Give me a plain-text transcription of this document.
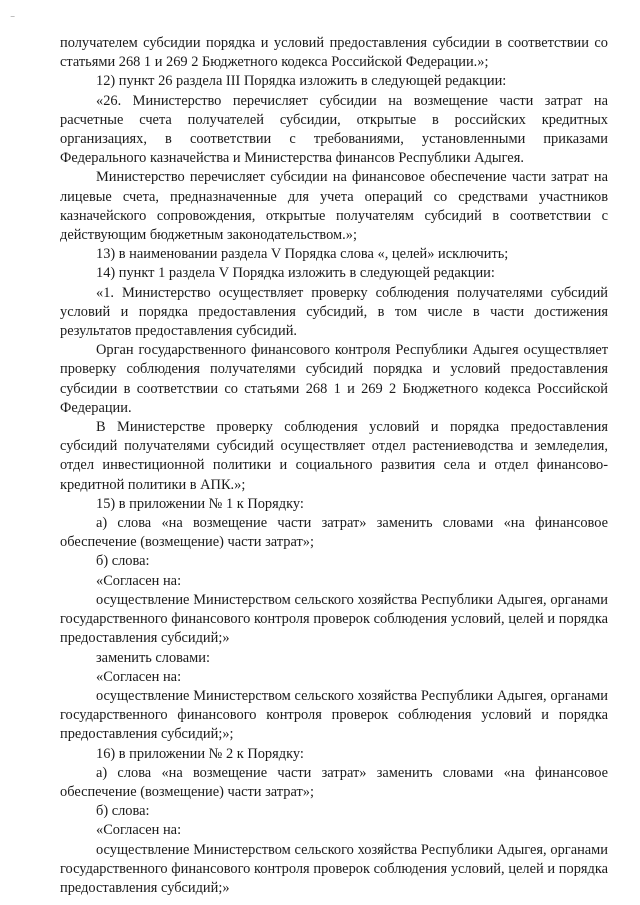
⁻

получателем субсидии порядка и условий предоставления субсидии в соответствии со статьями 268 1 и 269 2 Бюджетного кодекса Российской Федерации.»;

12) пункт 26 раздела III Порядка изложить в следующей редакции:

«26. Министерство перечисляет субсидии на возмещение части затрат на расчетные счета получателей субсидии, открытые в российских кредитных организациях, в соответствии с требованиями, установленными приказами Федерального казначейства и Министерства финансов Республики Адыгея.

Министерство перечисляет субсидии на финансовое обеспечение части затрат на лицевые счета, предназначенные для учета операций со средствами участников казначейского сопровождения, открытые получателям субсидий в соответствии с действующим бюджетным законодательством.»;

13) в наименовании раздела V Порядка слова «, целей» исключить;

14) пункт 1 раздела V Порядка изложить в следующей редакции:

«1. Министерство осуществляет проверку соблюдения получателями субсидий условий и порядка предоставления субсидий, в том числе в части достижения результатов предоставления субсидий.

Орган государственного финансового контроля Республики Адыгея осуществляет проверку соблюдения получателями субсидий порядка и условий предоставления субсидии в соответствии со статьями 268 1 и 269 2 Бюджетного кодекса Российской Федерации.

В Министерстве проверку соблюдения условий и порядка предоставления субсидий получателями субсидий осуществляет отдел растениеводства и земледелия, отдел инвестиционной политики и социального развития села и отдел финансово-кредитной политики в АПК.»;

15) в приложении № 1 к Порядку:

а) слова «на возмещение части затрат» заменить словами «на финансовое обеспечение (возмещение) части затрат»;

б) слова:

«Согласен на:

осуществление Министерством сельского хозяйства Республики Адыгея, органами государственного финансового контроля проверок соблюдения условий, целей и порядка предоставления субсидий;»

заменить словами:

«Согласен на:

осуществление Министерством сельского хозяйства Республики Адыгея, органами государственного финансового контроля проверок соблюдения условий и порядка предоставления субсидий;»;

16) в приложении № 2 к Порядку:

а) слова «на возмещение части затрат» заменить словами «на финансовое обеспечение (возмещение) части затрат»;

б) слова:

«Согласен на:

осуществление Министерством сельского хозяйства Республики Адыгея, органами государственного финансового контроля проверок соблюдения условий, целей и порядка предоставления субсидий;»
